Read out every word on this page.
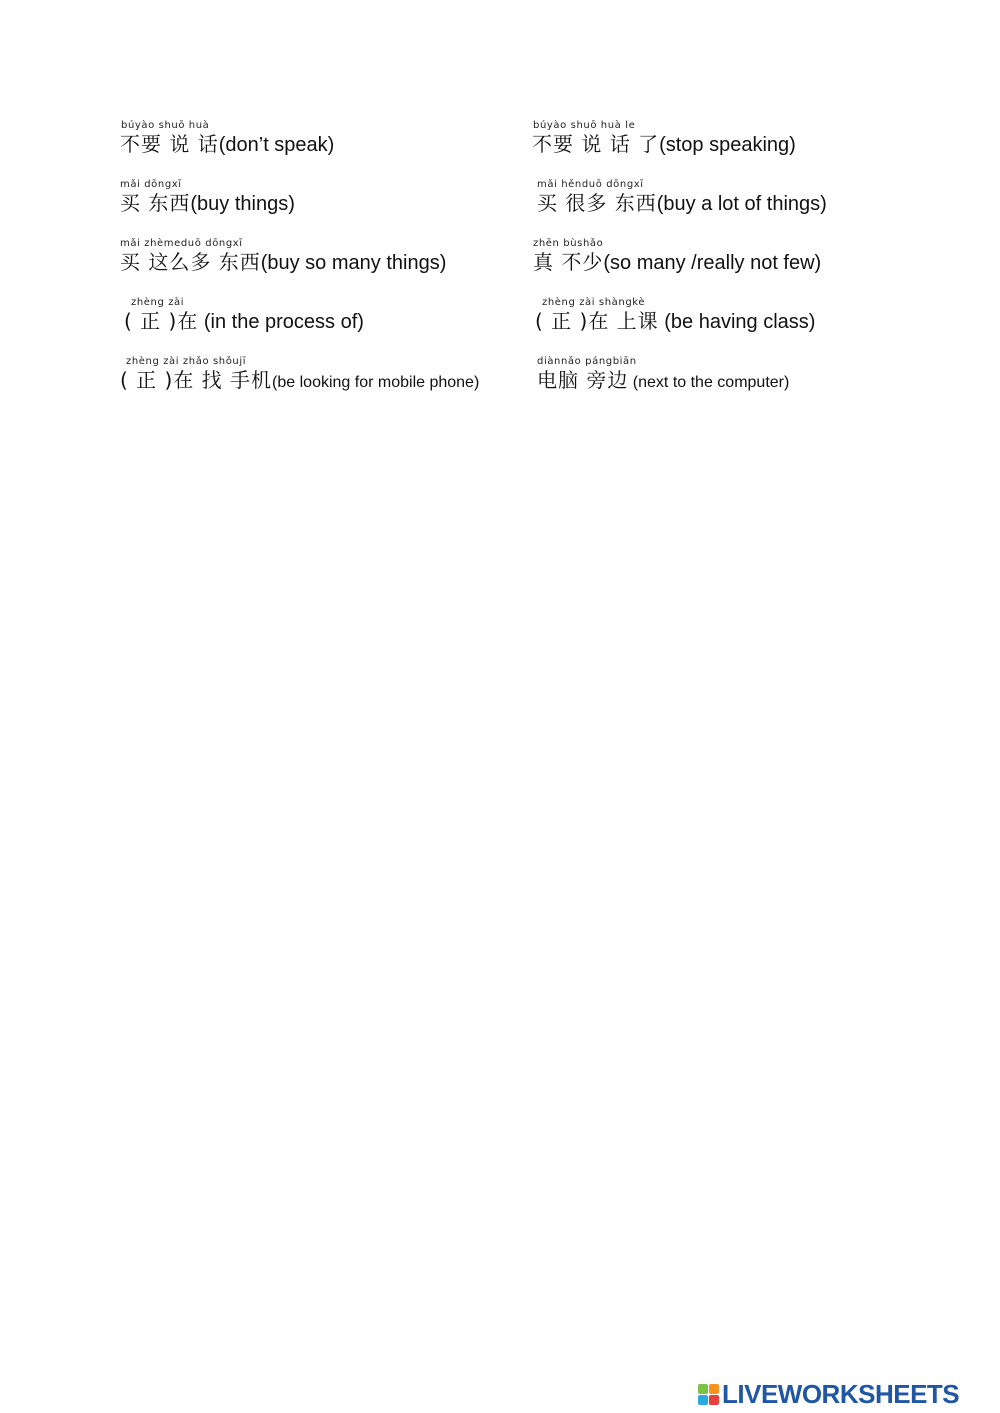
búyào shuō huà
不要 说 话(don’t speak)
búyào shuō huà le
不要 说 话 了(stop speaking)
mǎi dōngxī
买 东西(buy things)
mǎi hěnduō dōngxī
买 很多 东西(buy a lot of things)
mǎi zhèmeduō dōngxī
买 这么多 东西(buy so many things)
zhēn bùshǎo
真 不少(so many /really not few)
zhèng zài
( 正 )在 (in the process of)
zhèng zài shàngkè
( 正 )在 上课 (be having class)
zhèng zài zhǎo shǒujī
( 正 )在 找 手机(be looking for mobile phone)
diànnǎo pángbiān
电脑 旁边 (next to the computer)
LIVEWORKSHEETS
